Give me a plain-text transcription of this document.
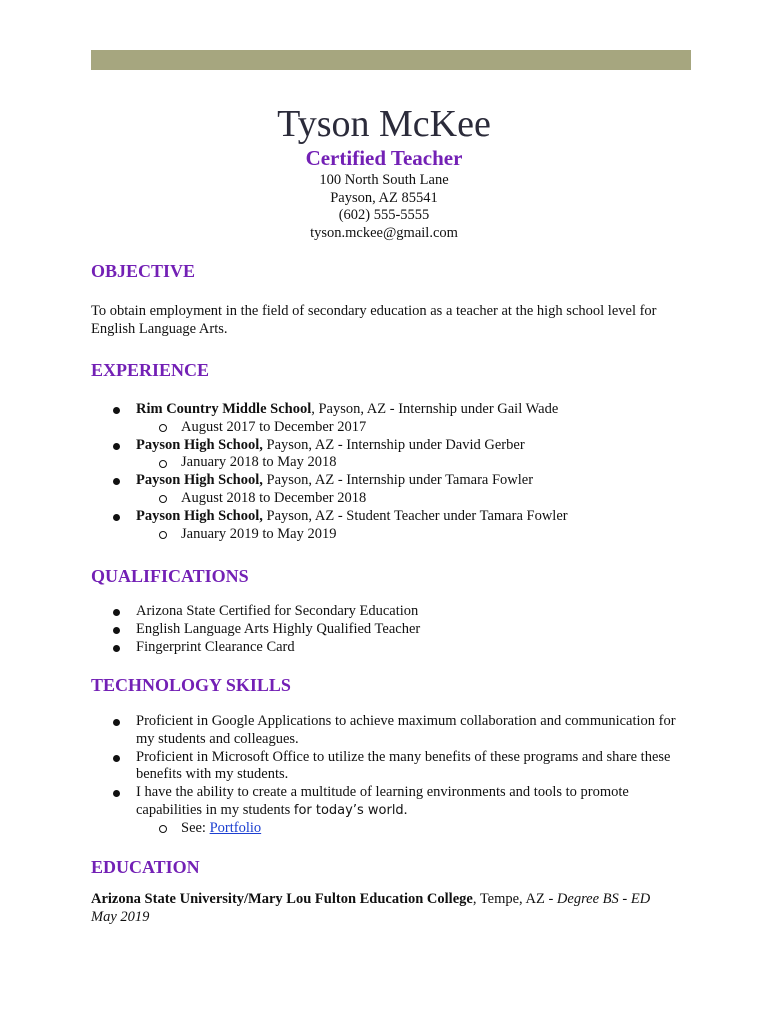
Tyson McKee
Certified Teacher
100 North South Lane
Payson, AZ 85541
(602) 555-5555
tyson.mckee@gmail.com
OBJECTIVE
To obtain employment in the field of secondary education as a teacher at the high school level for English Language Arts.
EXPERIENCE
Rim Country Middle School, Payson, AZ - Internship under Gail Wade
August 2017 to December 2017
Payson High School, Payson, AZ - Internship under David Gerber
January 2018 to May 2018
Payson High School, Payson, AZ - Internship under Tamara Fowler
August 2018 to December 2018
Payson High School, Payson, AZ - Student Teacher under Tamara Fowler
January 2019 to May 2019
QUALIFICATIONS
Arizona State Certified for Secondary Education
English Language Arts Highly Qualified Teacher
Fingerprint Clearance Card
TECHNOLOGY SKILLS
Proficient in Google Applications to achieve maximum collaboration and communication for my students and colleagues.
Proficient in Microsoft Office to utilize the many benefits of these programs and share these benefits with my students.
I have the ability to create a multitude of learning environments and tools to promote capabilities in my students for today’s world.
See: Portfolio
EDUCATION
Arizona State University/Mary Lou Fulton Education College, Tempe, AZ - Degree BS - ED
May 2019
